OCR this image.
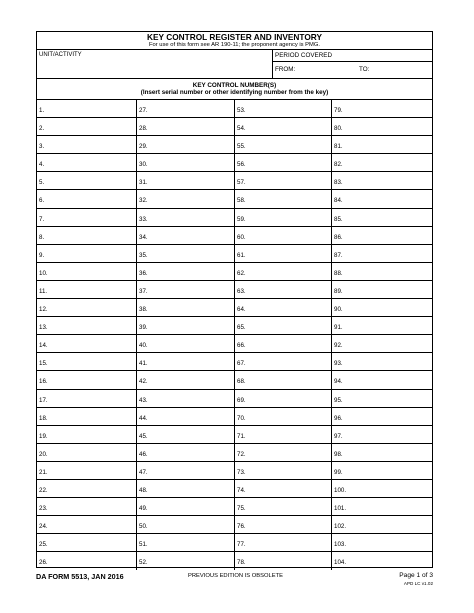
KEY CONTROL REGISTER AND INVENTORY
For use of this form see AR 190-11; the proponent agency is PMG.
UNIT/ACTIVITY	PERIOD COVERED
FROM:	TO:
KEY CONTROL NUMBER(S)
(Insert serial number or other identifying number from the key)
1.	27.	53.	79.
2.	28.	54.	80.
3.	29.	55.	81.
4.	30.	56.	82.
5.	31.	57.	83.
6.	32.	58.	84.
7.	33.	59.	85.
8.	34.	60.	86.
9.	35.	61.	87.
10.	36.	62.	88.
11.	37.	63.	89.
12.	38.	64.	90.
13.	39.	65.	91.
14.	40.	66.	92.
15.	41.	67.	93.
16.	42.	68.	94.
17.	43.	69.	95.
18.	44.	70.	96.
19.	45.	71.	97.
20.	46.	72.	98.
21.	47.	73.	99.
22.	48.	74.	100.
23.	49.	75.	101.
24.	50.	76.	102.
25.	51.	77.	103.
26.	52.	78.	104.
DA FORM 5513, JAN 2016	PREVIOUS EDITION IS OBSOLETE	Page 1 of 3
APD LC v1.02
